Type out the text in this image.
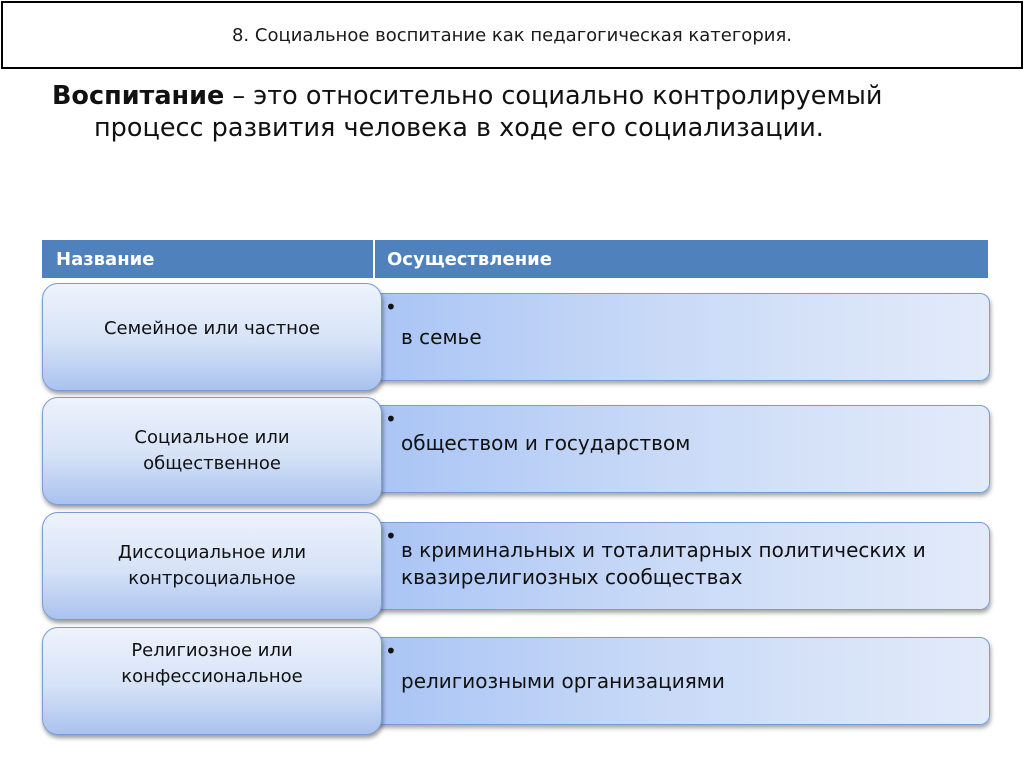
8. Социальное воспитание как педагогическая категория.
Воспитание – это относительно социально контролируемый
процесс развития человека в ходе его социализации.
Название	Осуществление
•
в семье
Семейное или частное
•
обществом и государством
Социальное или общественное
•
в криминальных и тоталитарных политических и квазирелигиозных сообществах
Диссоциальное или контрсоциальное
•
религиозными организациями
Религиозное или конфессиональное
